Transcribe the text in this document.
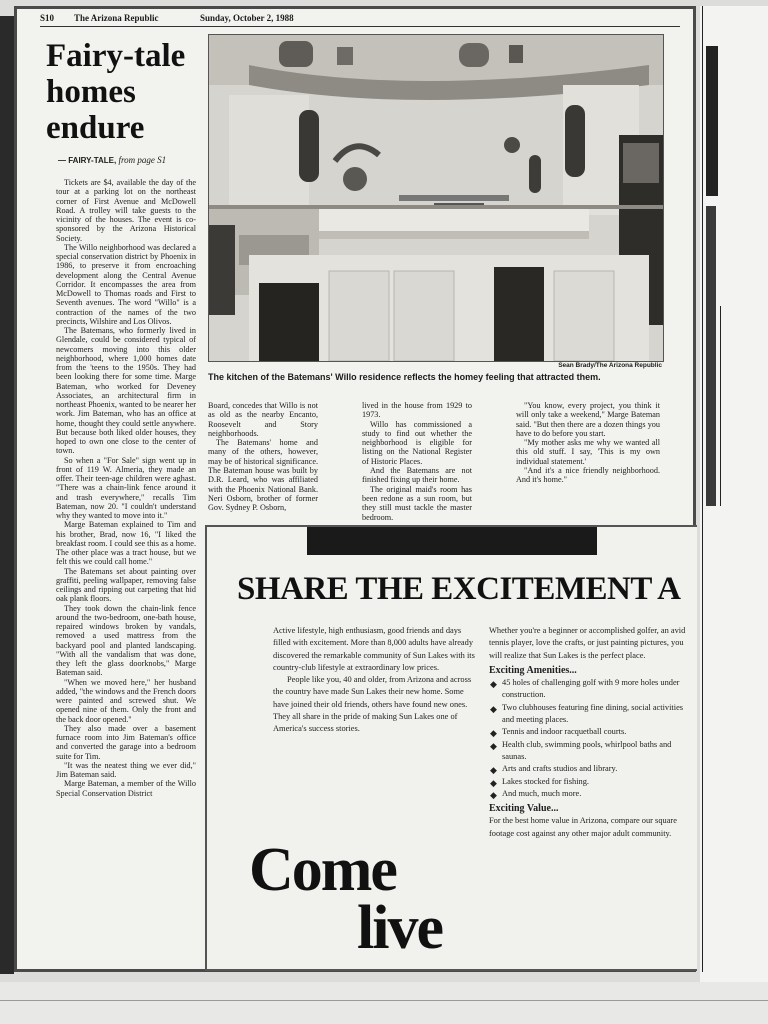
S10 The Arizona Republic	Sunday, October 2, 1988
Fairy-tale
homes
endure
— FAIRY-TALE, from page S1

Tickets are $4, available the day of the tour at a parking lot on the northeast corner of First Avenue and McDowell Road. A trolley will take guests to the vicinity of the houses. The event is co-sponsored by the Arizona Historical Society.

The Willo neighborhood was declared a special conservation district by Phoenix in 1986, to preserve it from encroaching development along the Central Avenue Corridor. It encompasses the area from McDowell to Thomas roads and First to Seventh avenues. The word "Willo" is a contraction of the names of the two precincts, Wilshire and Los Olivos.

The Batemans, who formerly lived in Glendale, could be considered typical of newcomers moving into this older neighborhood, where 1,000 homes date from the 'teens to the 1950s. They had been looking there for some time. Marge Bateman, who worked for Deveney Associates, an architectural firm in northeast Phoenix, wanted to be nearer her work. Jim Bateman, who has an office at home, thought they could settle anywhere. But because both liked older houses, they hoped to own one close to the center of town.

So when a "For Sale" sign went up in front of 119 W. Almeria, they made an offer. Their teen-age children were aghast. "There was a chain-link fence around it and trash everywhere," recalls Tim Bateman, now 20. "I couldn't understand why they wanted to move into it."

Marge Bateman explained to Tim and his brother, Brad, now 16, "I liked the breakfast room. I could see this as a home. The other place was a tract house, but we felt this we could call home."

The Batemans set about painting over graffiti, peeling wallpaper, removing false ceilings and ripping out carpeting that hid oak plank floors.

They took down the chain-link fence around the two-bedroom, one-bath house, repaired windows broken by vandals, removed a used mattress from the backyard pool and planted landscaping. "With all the vandalism that was done, they left the glass doorknobs," Marge Bateman said.

"When we moved here," her husband added, "the windows and the French doors were painted and screwed shut. We opened nine of them. Only the front and the back door opened."

They also made over a basement furnace room into Jim Bateman's office and converted the garage into a bedroom suite for Tim.

"It was the neatest thing we ever did," Jim Bateman said.

Marge Bateman, a member of the Willo Special Conservation District

Sean Brady/The Arizona Republic
The kitchen of the Batemans' Willo residence reflects the homey feeling that attracted them.

Board, concedes that Willo is not as old as the nearby Encanto, Roosevelt and Story neighborhoods.

The Batemans' home and many of the others, however, may be of historical significance. The Bateman house was built by D.R. Leard, who was affiliated with the Phoenix National Bank. Neri Osborn, brother of former Gov. Sydney P. Osborn,

lived in the house from 1929 to 1973.

Willo has commissioned a study to find out whether the neighborhood is eligible for listing on the National Register of Historic Places.

And the Batemans are not finished fixing up their home.

The original maid's room has been redone as a sun room, but they still must tackle the master bedroom.

"You know, every project, you think it will only take a weekend," Marge Bateman said. "But then there are a dozen things you have to do before you start.

"My mother asks me why we wanted all this old stuff. I say, 'This is my own individual statement.'

"And it's a nice friendly neighborhood. And it's home."

SHARE THE EXCITEMENT A

Active lifestyle, high enthusiasm, good friends and days filled with excitement. More than 8,000 adults have already discovered the remarkable community of Sun Lakes with its country-club lifestyle at extraordinary low prices.

People like you, 40 and older, from Arizona and across the country have made Sun Lakes their new home. Some have joined their old friends, others have found new ones. They all share in the pride of making Sun Lakes one of America's success stories.

Whether you're a beginner or accomplished golfer, an avid tennis player, love the crafts, or just painting pictures, you will realize that Sun Lakes is the perfect place.

Exciting Amenities...

◆ 45 holes of challenging golf with 9 more holes under construction.
◆ Two clubhouses featuring fine dining, social activities and meeting places.
◆ Tennis and indoor racquetball courts.
◆ Health club, swimming pools, whirlpool baths and saunas.
◆ Arts and crafts studios and library.
◆ Lakes stocked for fishing.
◆ And much, much more.

Exciting Value...

For the best home value in Arizona, compare our square footage cost against any other major adult community.

Come
live
